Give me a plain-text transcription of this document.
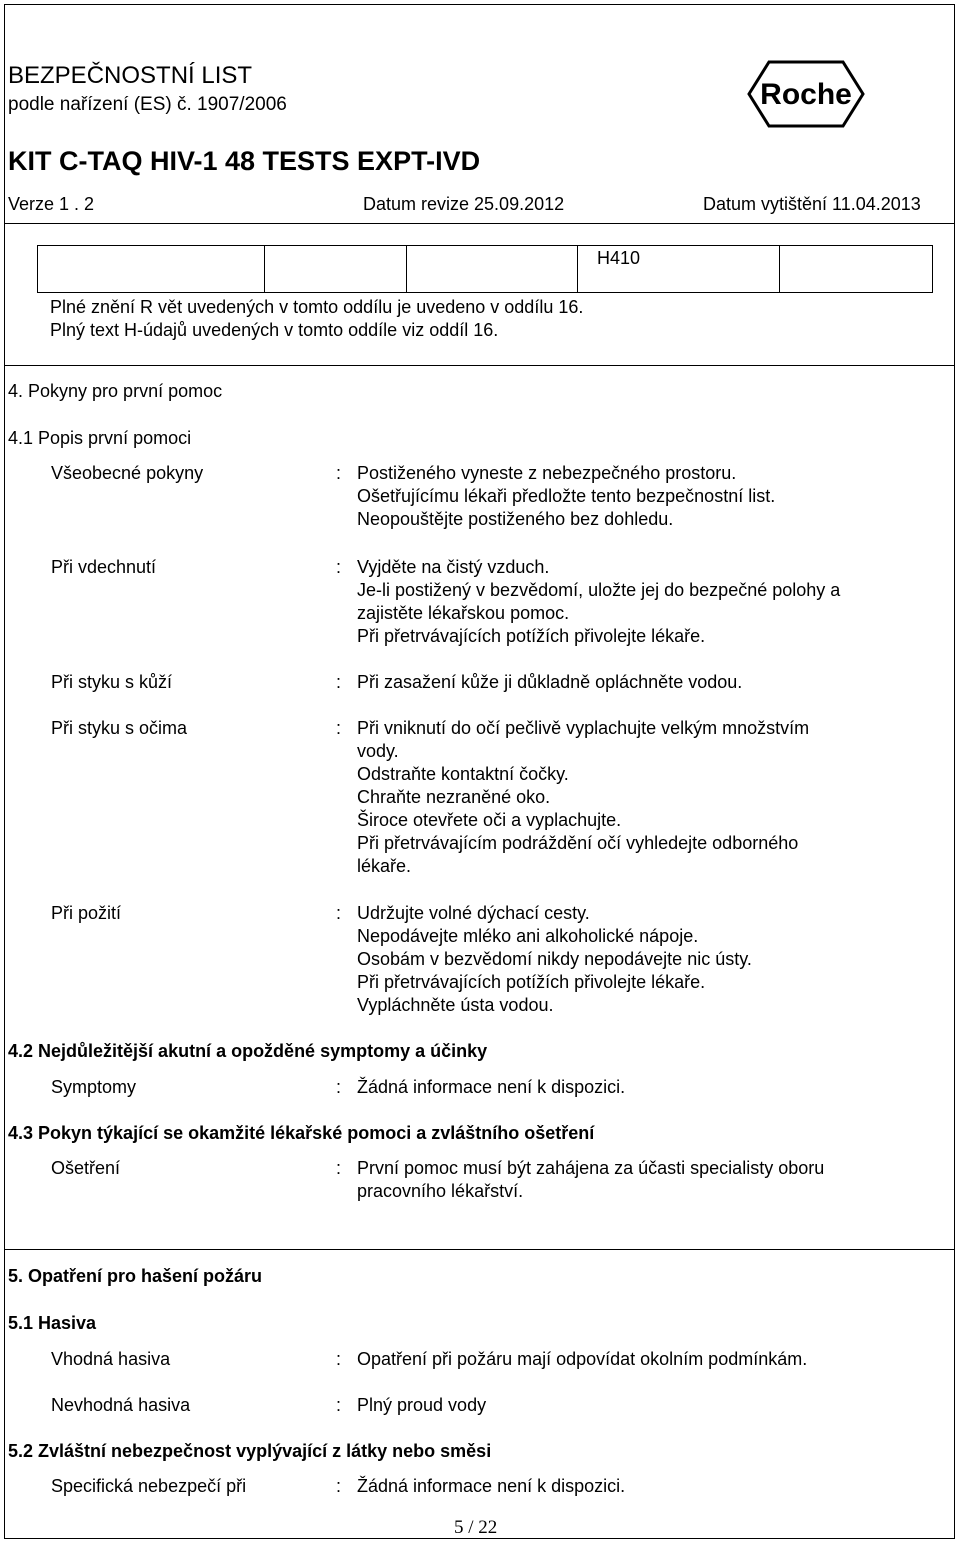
BEZPEČNOSTNÍ LIST
podle nařízení (ES) č. 1907/2006	Roche
KIT C-TAQ HIV-1 48 TESTS EXPT-IVD
Verze 1 . 2	Datum revize 25.09.2012	Datum vytištění 11.04.2013
H410
Plné znění R vět uvedených v tomto oddílu je uvedeno v oddílu 16.
Plný text H-údajů uvedených v tomto oddíle viz oddíl 16.
4. Pokyny pro první pomoc
4.1 Popis první pomoci
Všeobecné pokyny	: Postiženého vyneste z nebezpečného prostoru.
Ošetřujícímu lékaři předložte tento bezpečnostní list.
Neopouštějte postiženého bez dohledu.
Při vdechnutí	: Vyjděte na čistý vzduch.
Je-li postižený v bezvědomí, uložte jej do bezpečné polohy a
zajistěte lékařskou pomoc.
Při přetrvávajících potížích přivolejte lékaře.
Při styku s kůží	: Při zasažení kůže ji důkladně opláchněte vodou.
Při styku s očima	: Při vniknutí do očí pečlivě vyplachujte velkým množstvím
vody.
Odstraňte kontaktní čočky.
Chraňte nezraněné oko.
Široce otevřete oči a vyplachujte.
Při přetrvávajícím podráždění očí vyhledejte odborného
lékaře.
Při požití	: Udržujte volné dýchací cesty.
Nepodávejte mléko ani alkoholické nápoje.
Osobám v bezvědomí nikdy nepodávejte nic ústy.
Při přetrvávajících potížích přivolejte lékaře.
Vypláchněte ústa vodou.
4.2 Nejdůležitější akutní a opožděné symptomy a účinky
Symptomy	: Žádná informace není k dispozici.
4.3 Pokyn týkající se okamžité lékařské pomoci a zvláštního ošetření
Ošetření	: První pomoc musí být zahájena za účasti specialisty oboru
pracovního lékařství.
5. Opatření pro hašení požáru
5.1 Hasiva
Vhodná hasiva	: Opatření při požáru mají odpovídat okolním podmínkám.
Nevhodná hasiva	: Plný proud vody
5.2 Zvláštní nebezpečnost vyplývající z látky nebo směsi
Specifická nebezpečí při	: Žádná informace není k dispozici.
5 / 22
